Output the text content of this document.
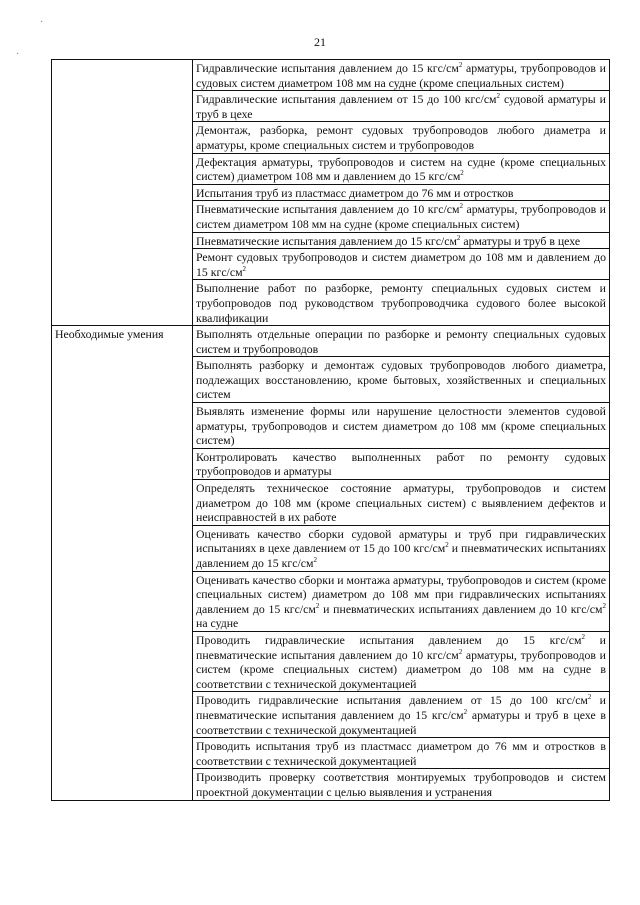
·
·
21

	Гидравлические испытания давлением до 15 кгс/$см^2$ арматуры, трубопроводов и судовых систем диаметром 108 мм на судне (кроме специальных систем)

	Гидравлические испытания давлением от 15 до 100 кгс/$см^2$ судовой арматуры и труб в цехе

	Демонтаж, разборка, ремонт судовых трубопроводов любого диаметра и арматуры, кроме специальных систем и трубопроводов

	Дефектация арматуры, трубопроводов и систем на судне (кроме специальных систем) диаметром 108 мм и давлением до 15 кгс/$см^2$

	Испытания труб из пластмасс диаметром до 76 мм и отростков

	Пневматические испытания давлением до 10 кгс/$см^2$ арматуры, трубопроводов и систем диаметром 108 мм на судне (кроме специальных систем)

	Пневматические испытания давлением до 15 кгс/$см^2$ арматуры и труб в цехе

	Ремонт судовых трубопроводов и систем диаметром до 108 мм и давлением до 15 кгс/$см^2$

	Выполнение работ по разборке, ремонту специальных судовых систем и трубопроводов под руководством трубопроводчика судового более высокой квалификации

Необходимые умения	Выполнять отдельные операции по разборке и ремонту специальных судовых систем и трубопроводов

	Выполнять разборку и демонтаж судовых трубопроводов любого диаметра, подлежащих восстановлению, кроме бытовых, хозяйственных и специальных систем

	Выявлять изменение формы или нарушение целостности элементов судовой арматуры, трубопроводов и систем диаметром до 108 мм (кроме специальных систем)

	Контролировать качество выполненных работ по ремонту судовых трубопроводов и арматуры

	Определять техническое состояние арматуры, трубопроводов и систем диаметром до 108 мм (кроме специальных систем) с выявлением дефектов и неисправностей в их работе

	Оценивать качество сборки судовой арматуры и труб при гидравлических испытаниях в цехе давлением от 15 до 100 кгс/$см^2$ и пневматических испытаниях давлением до 15 кгс/$см^2$

	Оценивать качество сборки и монтажа арматуры, трубопроводов и систем (кроме специальных систем) диаметром до 108 мм при гидравлических испытаниях давлением до 15 кгс/$см^2$ и пневматических испытаниях давлением до 10 кгс/$см^2$ на судне

	Проводить гидравлические испытания давлением до 15 кгс/$см^2$ и пневматические испытания давлением до 10 кгс/$см^2$ арматуры, трубопроводов и систем (кроме специальных систем) диаметром до 108 мм на судне в соответствии с технической документацией

	Проводить гидравлические испытания давлением от 15 до 100 кгс/$см^2$ и пневматические испытания давлением до 15 кгс/$см^2$ арматуры и труб в цехе в соответствии с технической документацией

	Проводить испытания труб из пластмасс диаметром до 76 мм и отростков в соответствии с технической документацией

	Производить проверку соответствия монтируемых трубопроводов и систем проектной документации с целью выявления и устранения
